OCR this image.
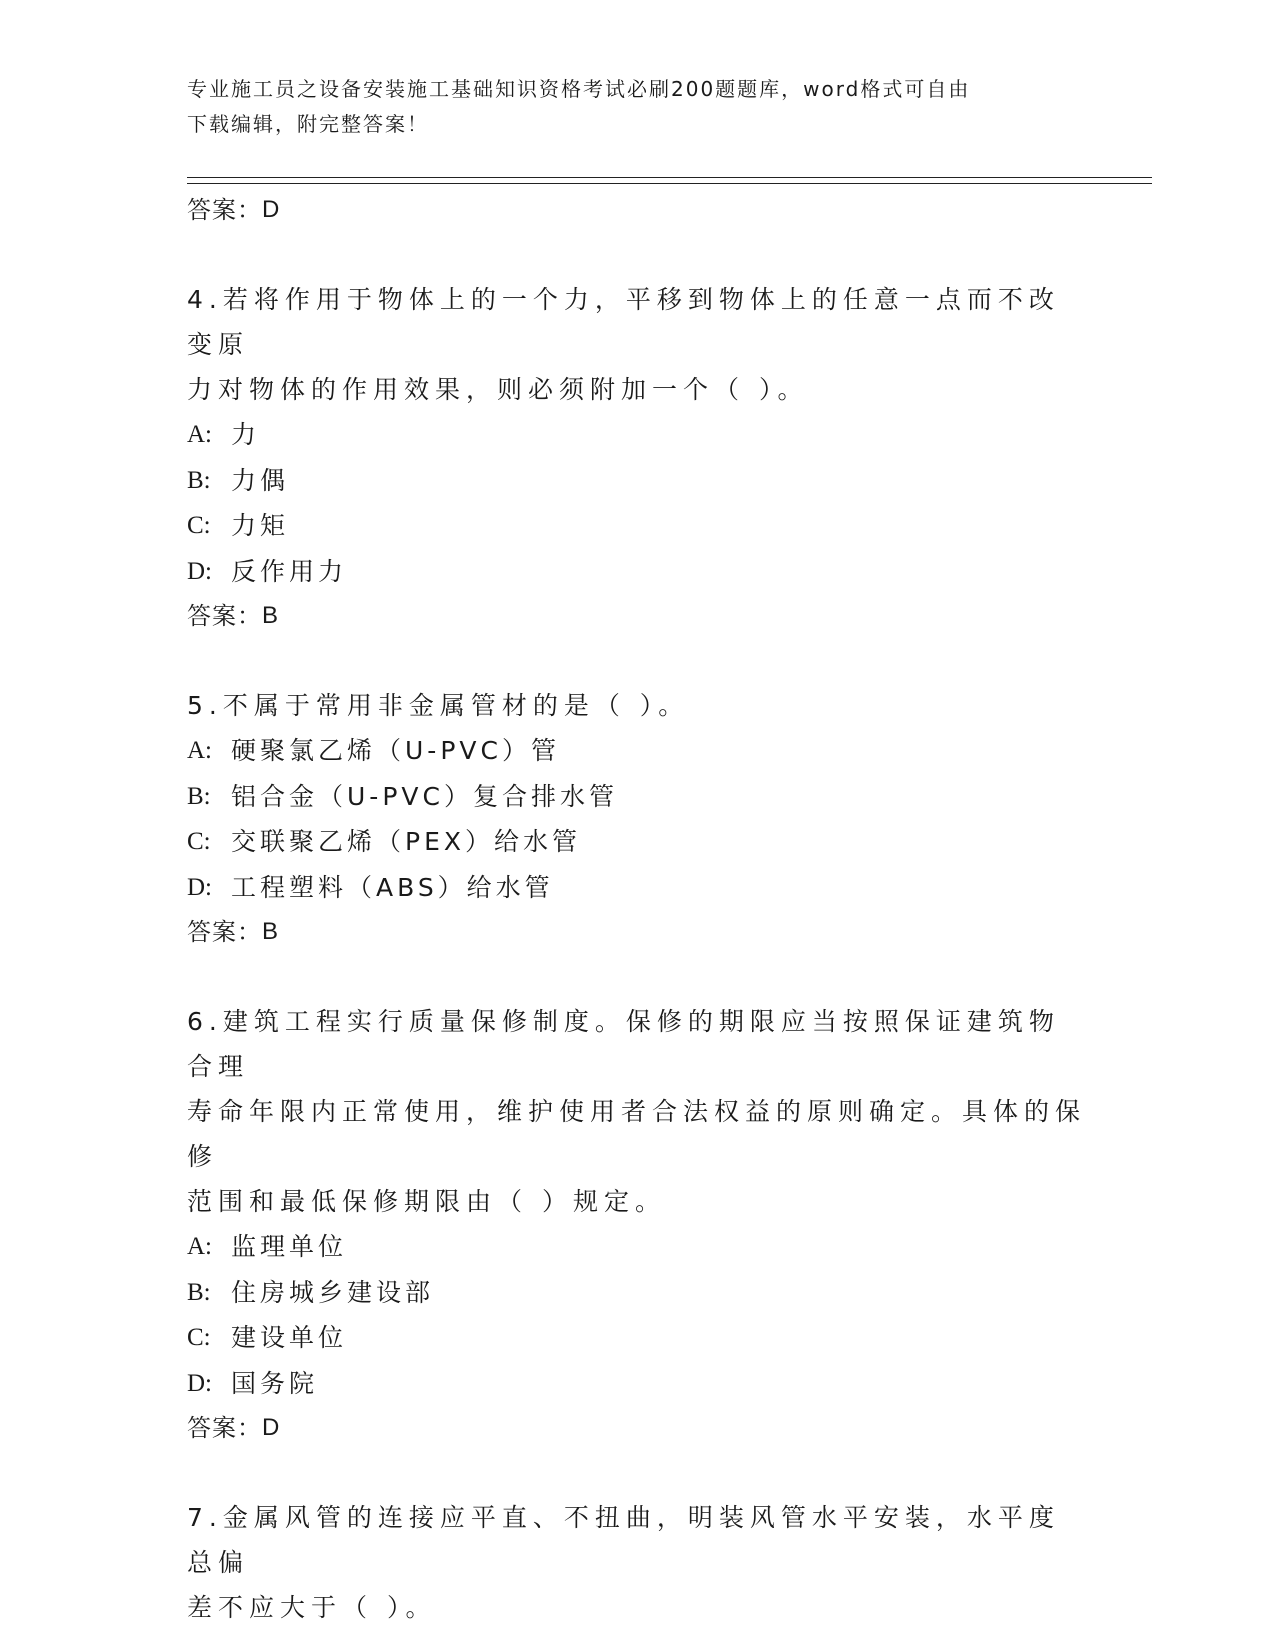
专业施工员之设备安装施工基础知识资格考试必刷200题题库，word格式可自由
下载编辑，附完整答案！
答案： D
4.若将作用于物体上的一个力，平移到物体上的任意一点而不改变原
力对物体的作用效果，则必须附加一个（ ）。
A: 力
B: 力偶
C: 力矩
D: 反作用力
答案： B
5.不属于常用非金属管材的是（ ）。
A: 硬聚氯乙烯（U-PVC）管
B: 铝合金（U-PVC）复合排水管
C: 交联聚乙烯（PEX）给水管
D: 工程塑料（ABS）给水管
答案： B
6.建筑工程实行质量保修制度。保修的期限应当按照保证建筑物合理
寿命年限内正常使用，维护使用者合法权益的原则确定。具体的保修
范围和最低保修期限由（ ）规定。
A: 监理单位
B: 住房城乡建设部
C: 建设单位
D: 国务院
答案： D
7.金属风管的连接应平直、不扭曲，明装风管水平安装，水平度总偏
差不应大于（ ）。
